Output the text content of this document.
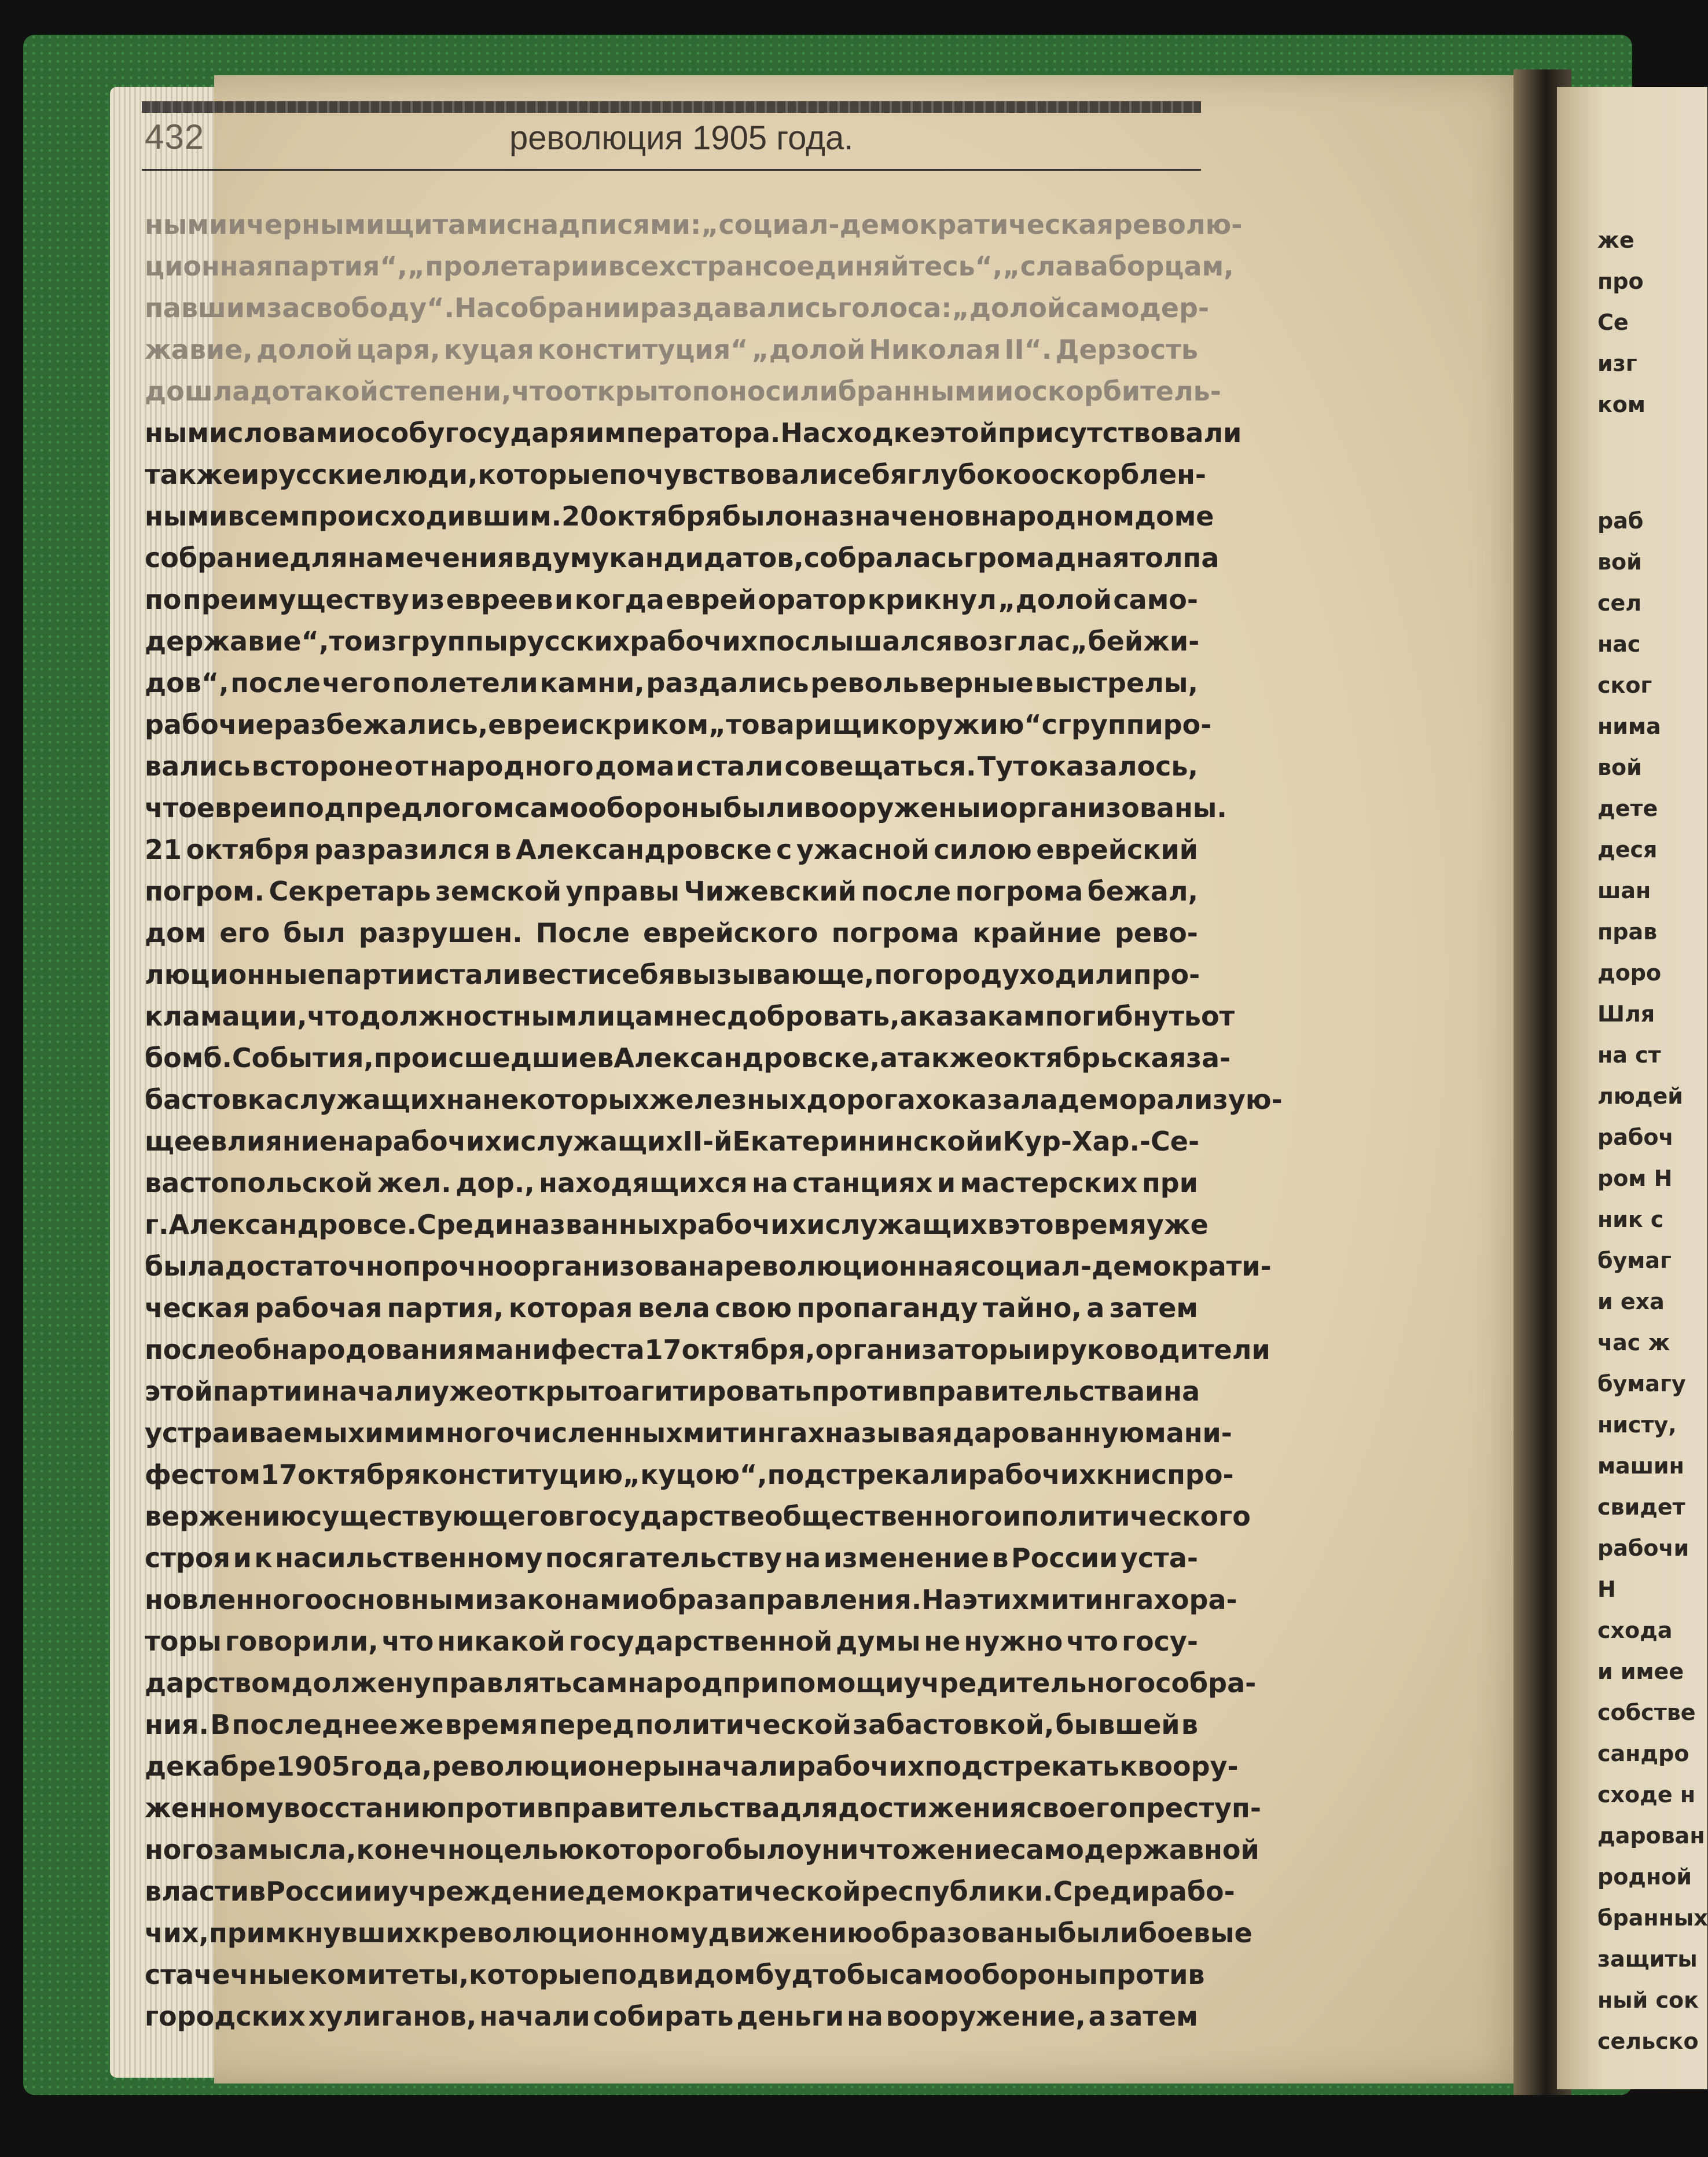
432	революция 1905 года.
ными и черными щитами с надписями: „социал-демократическая револю-
ционная партия“, „пролетарии всех стран соединяйтесь“, „слава борцам,
павшим за свободу“. На собрании раздавались голоса: „долой самодер-
жавие, долой царя, куцая конституция“ „долой Николая II“. Дерзость
дошла до такой степени, что открыто поносили бранными и оскорбитель-
ными словами особу государя императора. На сходке этой присутствовали
также и русские люди, которые почувствовали себя глубоко оскорблен-
ными всем происходившим. 20 октября было назначено в народном доме
собрание для намечения в думу кандидатов, собралась громадная толпа
по преимуществу из евреев и когда еврей оратор крикнул „долой само-
державие“, то из группы русских рабочих послышался возглас „бей жи-
дов“, после чего полетели камни, раздались револьверные выстрелы,
рабочие разбежались, евреи с криком „товарищи к оружию“ сгруппиро-
вались в стороне от народного дома и стали совещаться. Тут оказалось,
что евреи под предлогом самообороны были вооружены и организованы.
21 октября разразился в Александровске с ужасной силою еврейский
погром. Секретарь земской управы Чижевский после погрома бежал,
дом его был разрушен. После еврейского погрома крайние рево-
люционные партии стали вести себя вызывающе, по городу ходили про-
кламации, что должностным лицам не сдобровать, а казакам погибнуть от
бомб. События, происшедшие в Александровске, а также октябрьская за-
бастовка служащих на некоторых железных дорогах оказала деморализую-
щее влияние на рабочих и служащих II-й Екатерининской и Кур-Хар.-Се-
вастопольской жел. дор., находящихся на станциях и мастерских при
г. Александровсе. Среди названных рабочих и служащих в это время уже
была достаточно прочно организована революционная социал-демократи-
ческая рабочая партия, которая вела свою пропаганду тайно, а затем
после обнародования манифеста 17 октября, организаторы и руководители
этой партии начали уже открыто агитировать против правительства и на
устраиваемых ими многочисленных митингах называя дарованную мани-
фестом 17 октября конституцию „куцою“, подстрекали рабочих к ниспро-
вержению существующего в государстве общественного и политического
строя и к насильственному посягательству на изменение в России уста-
новленного основными законами образа правления. На этих митингах ора-
торы говорили, что никакой государственной думы не нужно что госу-
дарством должен управлять сам народ при помощи учредительного собра-
ния. В последнее же время перед политической забастовкой, бывшей в
декабре 1905 года, революционеры начали рабочих подстрекать к воору-
женному восстанию против правительства для достижения своего преступ-
ного замысла, конечно целью которого было уничтожение самодержавной
власти в России и учреждение демократической республики. Среди рабо-
чих, примкнувших к революционному движению образованы были боевые
стачечные комитеты, которые под видом будто бы самообороны против
городских хулиганов, начали собирать деньги на вооружение, а затем
же
про
Се
изг
ком
раб
вой
сел
нас
ског
нима
вой
дете
деся
шан
прав
доро
Шля
на ст
людей
рабоч
ром Н
ник с
бумаг
и еха
час ж
бумагу
нисту,
машин
свидет
рабочи
Н
схода
и имее
собстве
сандро
сходе н
дарован
родной
бранных
защиты
ный сок
сельско
